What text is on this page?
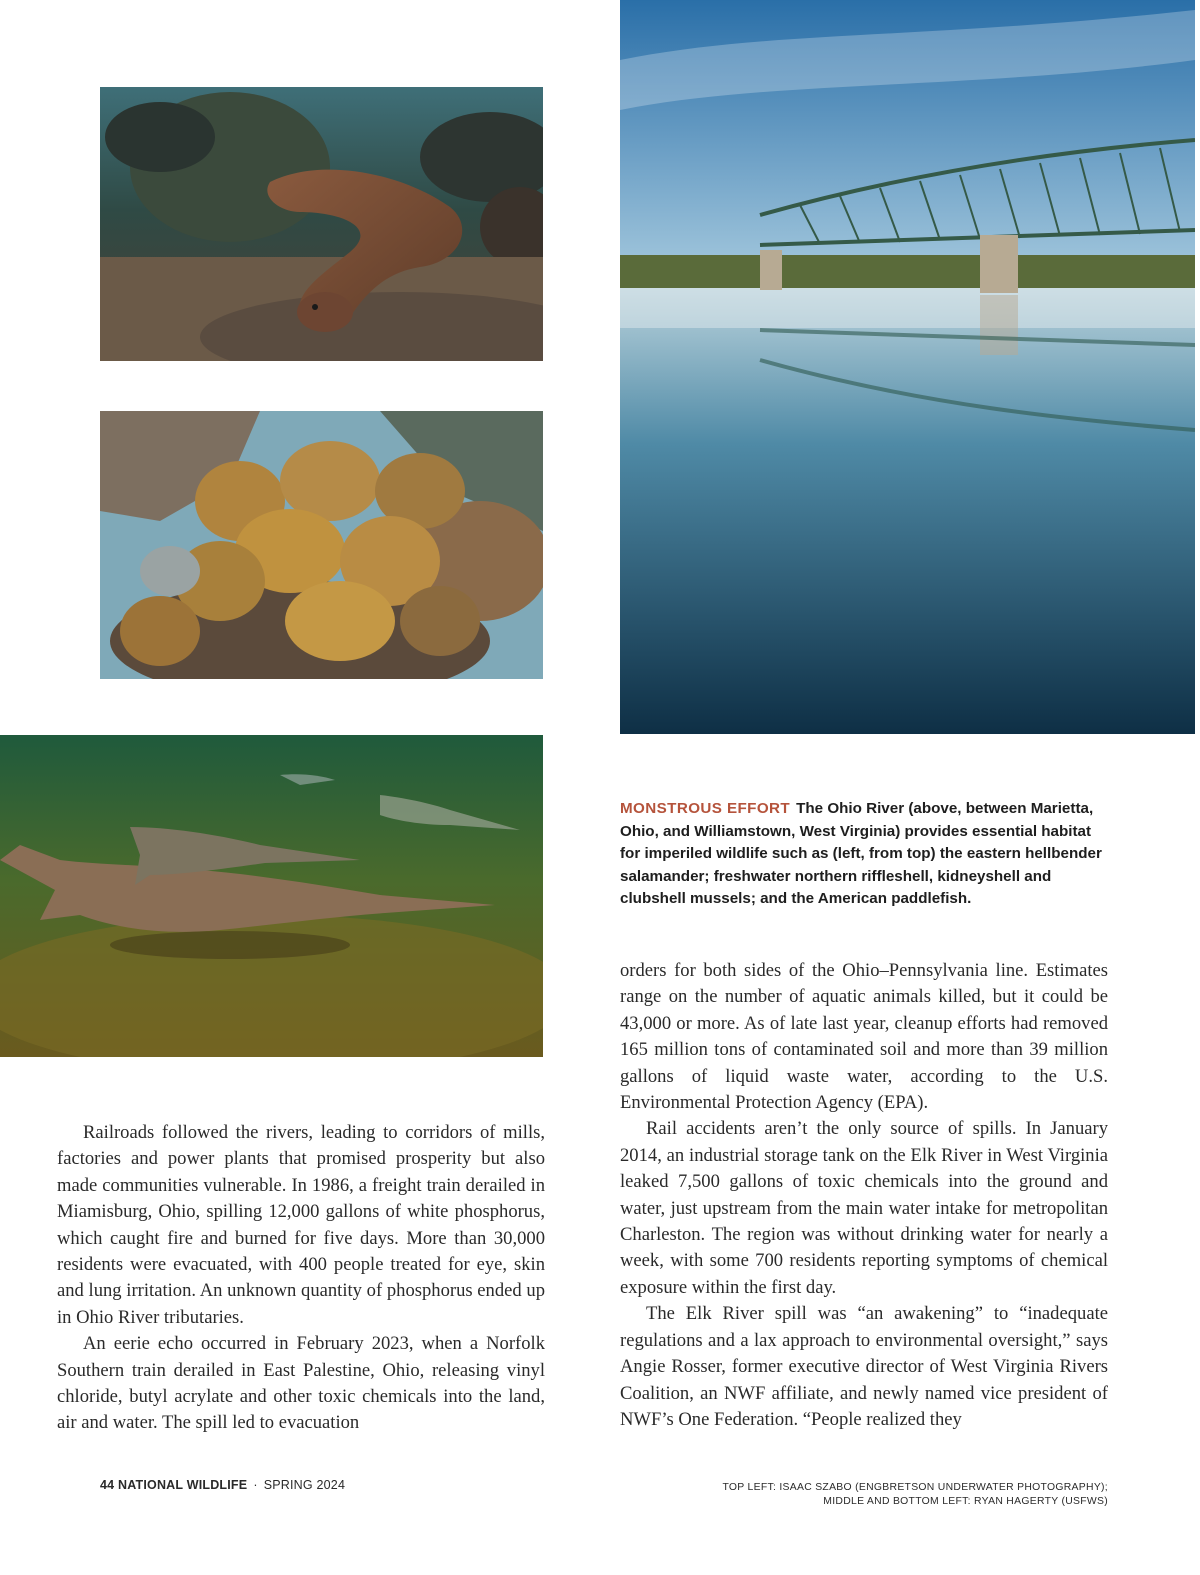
MONSTROUS EFFORT The Ohio River (above, between Marietta, Ohio, and Williamstown, West Virginia) provides essential habitat for imperiled wildlife such as (left, from top) the eastern hellbender salamander; freshwater northern riffleshell, kidneyshell and clubshell mussels; and the American paddlefish.

Railroads followed the rivers, leading to corridors of mills, factories and power plants that promised prosperity but also made communities vulnerable. In 1986, a freight train derailed in Miamisburg, Ohio, spilling 12,000 gallons of white phosphorus, which caught fire and burned for five days. More than 30,000 residents were evacuated, with 400 people treated for eye, skin and lung irritation. An unknown quantity of phosphorus ended up in Ohio River tributaries.

An eerie echo occurred in February 2023, when a Norfolk Southern train derailed in East Palestine, Ohio, releasing vinyl chloride, butyl acrylate and other toxic chemicals into the land, air and water. The spill led to evacuation

orders for both sides of the Ohio–Pennsylvania line. Estimates range on the number of aquatic animals killed, but it could be 43,000 or more. As of late last year, cleanup efforts had removed 165 million tons of contaminated soil and more than 39 million gallons of liquid waste water, according to the U.S. Environmental Protection Agency (EPA).

Rail accidents aren’t the only source of spills. In January 2014, an industrial storage tank on the Elk River in West Virginia leaked 7,500 gallons of toxic chemicals into the ground and water, just upstream from the main water intake for metropolitan Charleston. The region was without drinking water for nearly a week, with some 700 residents reporting symptoms of chemical exposure within the first day.

The Elk River spill was “an awakening” to “inadequate regulations and a lax approach to environmental oversight,” says Angie Rosser, former executive director of West Virginia Rivers Coalition, an NWF affiliate, and newly named vice president of NWF’s One Federation. “People realized they

44 NATIONAL WILDLIFE · SPRING 2024	TOP LEFT: ISAAC SZABO (ENGBRETSON UNDERWATER PHOTOGRAPHY);
MIDDLE AND BOTTOM LEFT: RYAN HAGERTY (USFWS)
